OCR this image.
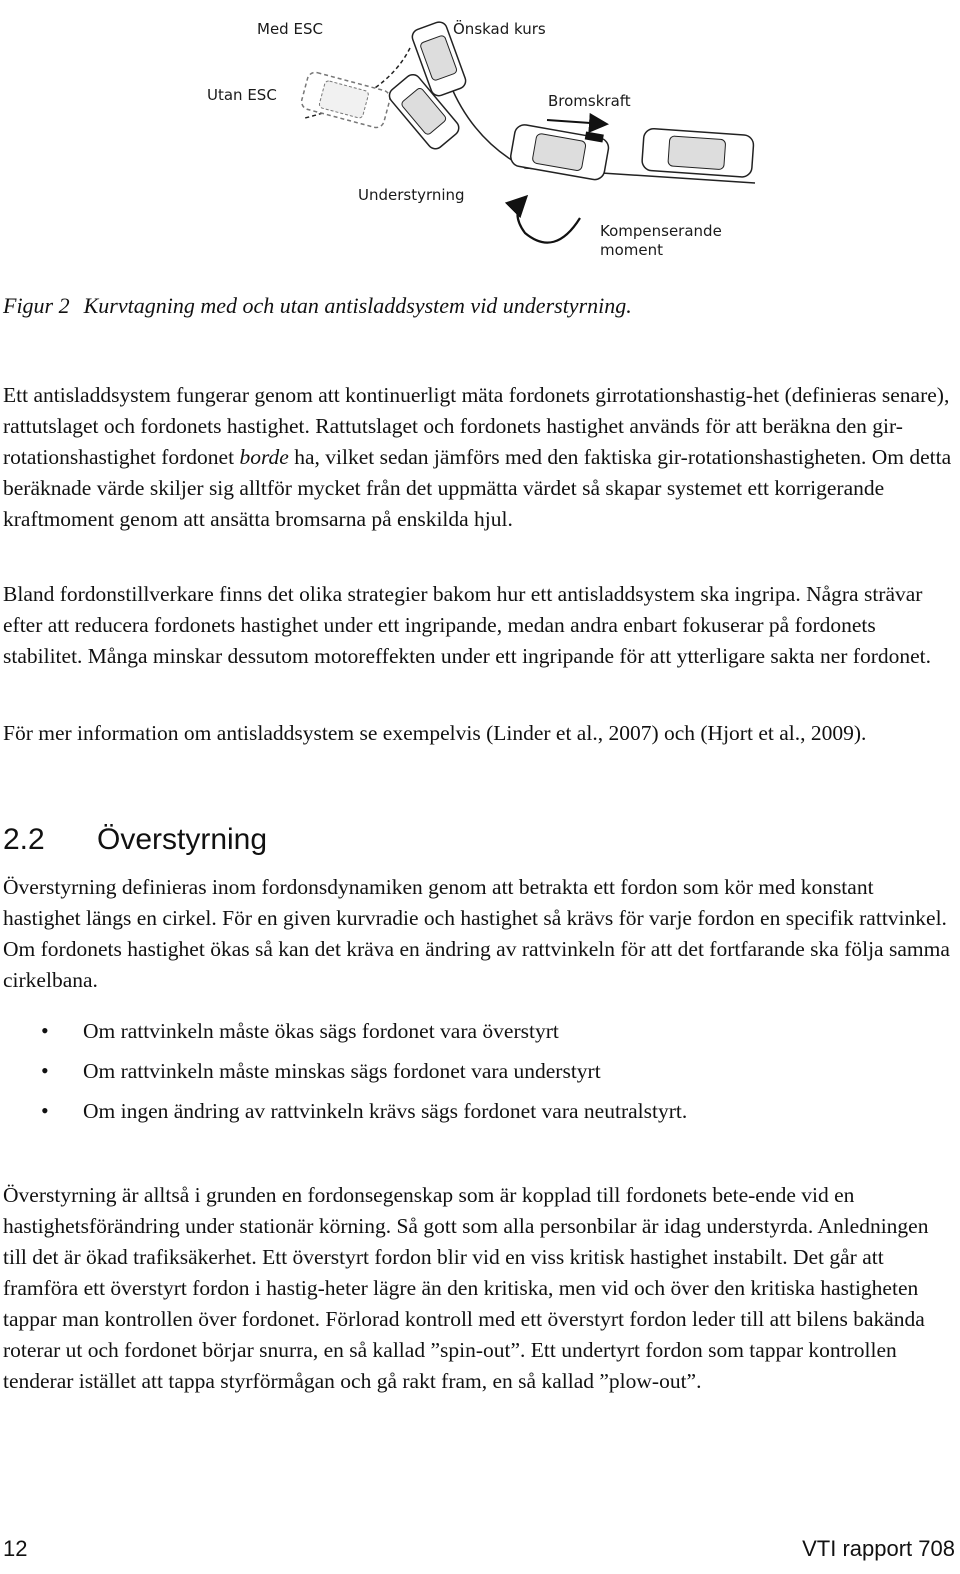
Med ESC	Önskad kurs
Utan ESC	Bromskraft
Understyrning
Kompenserande
moment
Figur 2 Kurvtagning med och utan antisladdsystem vid understyrning.

Ett antisladdsystem fungerar genom att kontinuerligt mäta fordonets girrotationshastig-het (definieras senare), rattutslaget och fordonets hastighet. Rattutslaget och fordonets hastighet används för att beräkna den gir-rotationshastighet fordonet borde ha, vilket sedan jämförs med den faktiska gir-rotationshastigheten. Om detta beräknade värde skiljer sig alltför mycket från det uppmätta värdet så skapar systemet ett korrigerande kraftmoment genom att ansätta bromsarna på enskilda hjul.

Bland fordonstillverkare finns det olika strategier bakom hur ett antisladdsystem ska ingripa. Några strävar efter att reducera fordonets hastighet under ett ingripande, medan andra enbart fokuserar på fordonets stabilitet. Många minskar dessutom motoreffekten under ett ingripande för att ytterligare sakta ner fordonet.

För mer information om antisladdsystem se exempelvis (Linder et al., 2007) och (Hjort et al., 2009).

2.2 Överstyrning

Överstyrning definieras inom fordonsdynamiken genom att betrakta ett fordon som kör med konstant hastighet längs en cirkel. För en given kurvradie och hastighet så krävs för varje fordon en specifik rattvinkel. Om fordonets hastighet ökas så kan det kräva en ändring av rattvinkeln för att det fortfarande ska följa samma cirkelbana.

• Om rattvinkeln måste ökas sägs fordonet vara överstyrt
• Om rattvinkeln måste minskas sägs fordonet vara understyrt
• Om ingen ändring av rattvinkeln krävs sägs fordonet vara neutralstyrt.

Överstyrning är alltså i grunden en fordonsegenskap som är kopplad till fordonets bete-ende vid en hastighetsförändring under stationär körning. Så gott som alla personbilar är idag understyrda. Anledningen till det är ökad trafiksäkerhet. Ett överstyrt fordon blir vid en viss kritisk hastighet instabilt. Det går att framföra ett överstyrt fordon i hastig-heter lägre än den kritiska, men vid och över den kritiska hastigheten tappar man kontrollen över fordonet. Förlorad kontroll med ett överstyrt fordon leder till att bilens bakända roterar ut och fordonet börjar snurra, en så kallad ”spin-out”. Ett undertyrt fordon som tappar kontrollen tenderar istället att tappa styrförmågan och gå rakt fram, en så kallad ”plow-out”.

12	VTI rapport 708
